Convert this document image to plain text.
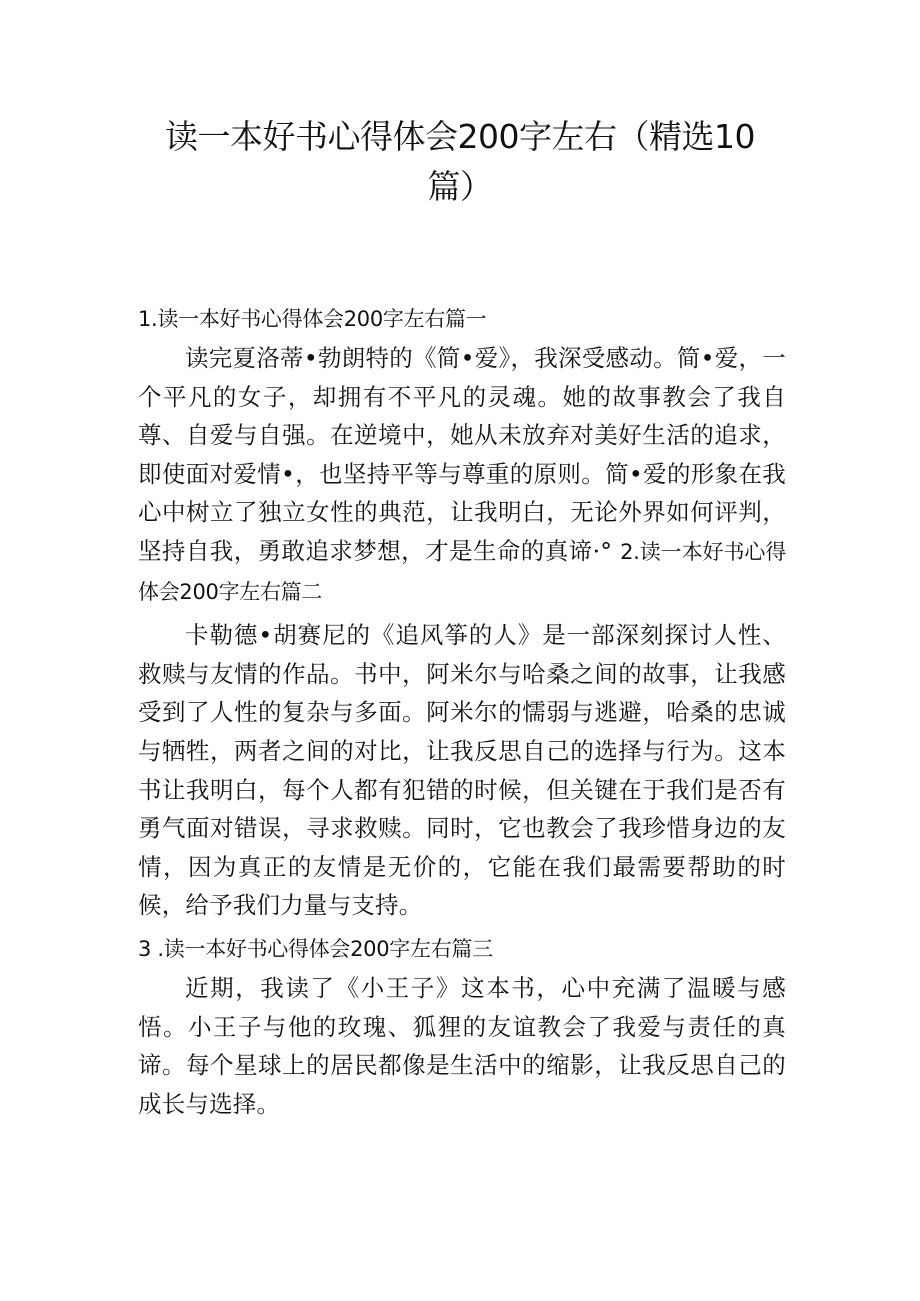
读一本好书心得体会200字左右（精选10篇）
1.读一本好书心得体会200字左右篇一
读完夏洛蒂•勃朗特的《简•爱》，我深受感动。简•爱，一个平凡的女子，却拥有不平凡的灵魂。她的故事教会了我自尊、自爱与自强。在逆境中，她从未放弃对美好生活的追求，即使面对爱情•，也坚持平等与尊重的原则。简•爱的形象在我心中树立了独立女性的典范，让我明白，无论外界如何评判，坚持自我，勇敢追求梦想，才是生命的真谛·° 2.读一本好书心得体会200字左右篇二
卡勒德•胡赛尼的《追风筝的人》是一部深刻探讨人性、救赎与友情的作品。书中，阿米尔与哈桑之间的故事，让我感受到了人性的复杂与多面。阿米尔的懦弱与逃避，哈桑的忠诚与牺牲，两者之间的对比，让我反思自己的选择与行为。这本书让我明白，每个人都有犯错的时候，但关键在于我们是否有勇气面对错误，寻求救赎。同时，它也教会了我珍惜身边的友情，因为真正的友情是无价的，它能在我们最需要帮助的时候，给予我们力量与支持。
3 .读一本好书心得体会200字左右篇三
近期，我读了《小王子》这本书，心中充满了温暖与感悟。小王子与他的玫瑰、狐狸的友谊教会了我爱与责任的真谛。每个星球上的居民都像是生活中的缩影，让我反思自己的成长与选择。
